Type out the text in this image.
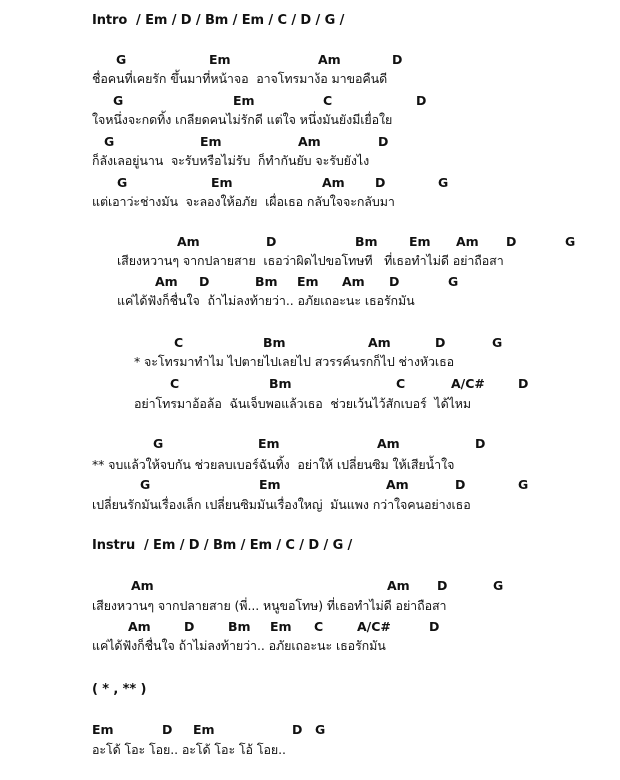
Intro  / Em / D / Bm / Em / C / D / G /
G	Em	Am	D
ชื่อคนที่เคยรัก ขึ้นมาที่หน้าจอ  อาจโทรมาง้อ มาขอคืนดี
G	Em	C	D
ใจหนึ่งจะกดทิ้ง เกลียดคนไม่รักดี แต่ใจ หนึ่งมันยังมีเยื่อใย
G	Em	Am	D
ก็ลังเลอยู่นาน  จะรับหรือไม่รับ  ก็ทำกันยับ จะรับยังไง
G	Em	Am D	G
แต่เอาว่ะช่างมัน  จะลองให้อภัย  เผื่อเธอ กลับใจจะกลับมา
Am	D	Bm	Em Am D	G
เสียงหวานๆ จากปลายสาย  เธอว่าผิดไปขอโทษที   ที่เธอทำไม่ดี อย่าถือสา
Am D	Bm Em Am D	G
แค่ได้ฟังก็ชื่นใจ  ถ้าไม่ลงท้ายว่า.. อภัยเถอะนะ เธอรักมัน
C	Bm	Am	D	G
* จะโทรมาทำไม ไปตายไปเลยไป สวรรค์นรกก็ไป ช่างหัวเธอ
C	Bm	C	A/C#	D
อย่าโทรมาอ้อล้อ  ฉันเจ็บพอแล้วเธอ  ช่วยเว้นไว้สักเบอร์  ได้ไหม
G	Em	Am	D
** จบแล้วให้จบกัน ช่วยลบเบอร์ฉันทิ้ง  อย่าให้ เปลี่ยนซิม ให้เสียน้ำใจ
G	Em	Am	D	G
เปลี่ยนรักมันเรื่องเล็ก เปลี่ยนซิมมันเรื่องใหญ่  มันแพง กว่าใจคนอย่างเธอ
Instru  / Em / D / Bm / Em / C / D / G /
Am	Am D	G
เสียงหวานๆ จากปลายสาย (พี่... หนูขอโทษ) ที่เธอทำไม่ดี อย่าถือสา
Am	D	Bm Em C	A/C#	D
แค่ได้ฟังก็ชื่นใจ ถ้าไม่ลงท้ายว่า.. อภัยเถอะนะ เธอรักมัน
( * , ** )
Em	D Em	D G
อะโด้ โอะ โอย.. อะโด้ โอะ โอ้ โอย..
